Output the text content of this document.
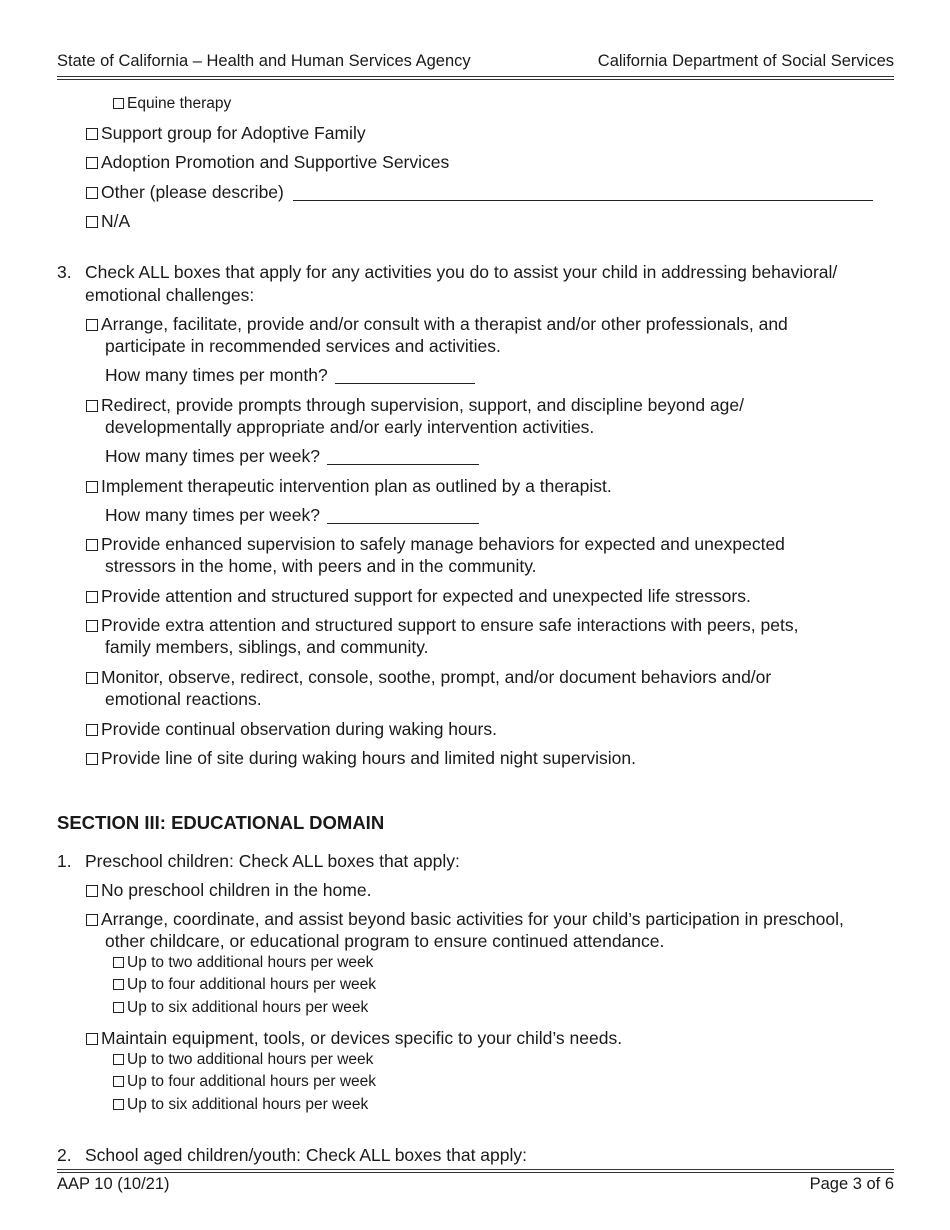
State of California – Health and Human Services Agency	California Department of Social Services
Equine therapy
Support group for Adoptive Family
Adoption Promotion and Supportive Services
Other (please describe)
N/A
3. Check ALL boxes that apply for any activities you do to assist your child in addressing behavioral/
emotional challenges:
Arrange, facilitate, provide and/or consult with a therapist and/or other professionals, and
participate in recommended services and activities.
How many times per month?
Redirect, provide prompts through supervision, support, and discipline beyond age/
developmentally appropriate and/or early intervention activities.
How many times per week?
Implement therapeutic intervention plan as outlined by a therapist.
How many times per week?
Provide enhanced supervision to safely manage behaviors for expected and unexpected
stressors in the home, with peers and in the community.
Provide attention and structured support for expected and unexpected life stressors.
Provide extra attention and structured support to ensure safe interactions with peers, pets,
family members, siblings, and community.
Monitor, observe, redirect, console, soothe, prompt, and/or document behaviors and/or
emotional reactions.
Provide continual observation during waking hours.
Provide line of site during waking hours and limited night supervision.
SECTION III: EDUCATIONAL DOMAIN
1. Preschool children: Check ALL boxes that apply:
No preschool children in the home.
Arrange, coordinate, and assist beyond basic activities for your child’s participation in preschool,
other childcare, or educational program to ensure continued attendance.
Up to two additional hours per week
Up to four additional hours per week
Up to six additional hours per week
Maintain equipment, tools, or devices specific to your child’s needs.
Up to two additional hours per week
Up to four additional hours per week
Up to six additional hours per week
2. School aged children/youth: Check ALL boxes that apply:
AAP 10 (10/21)	Page 3 of 6
